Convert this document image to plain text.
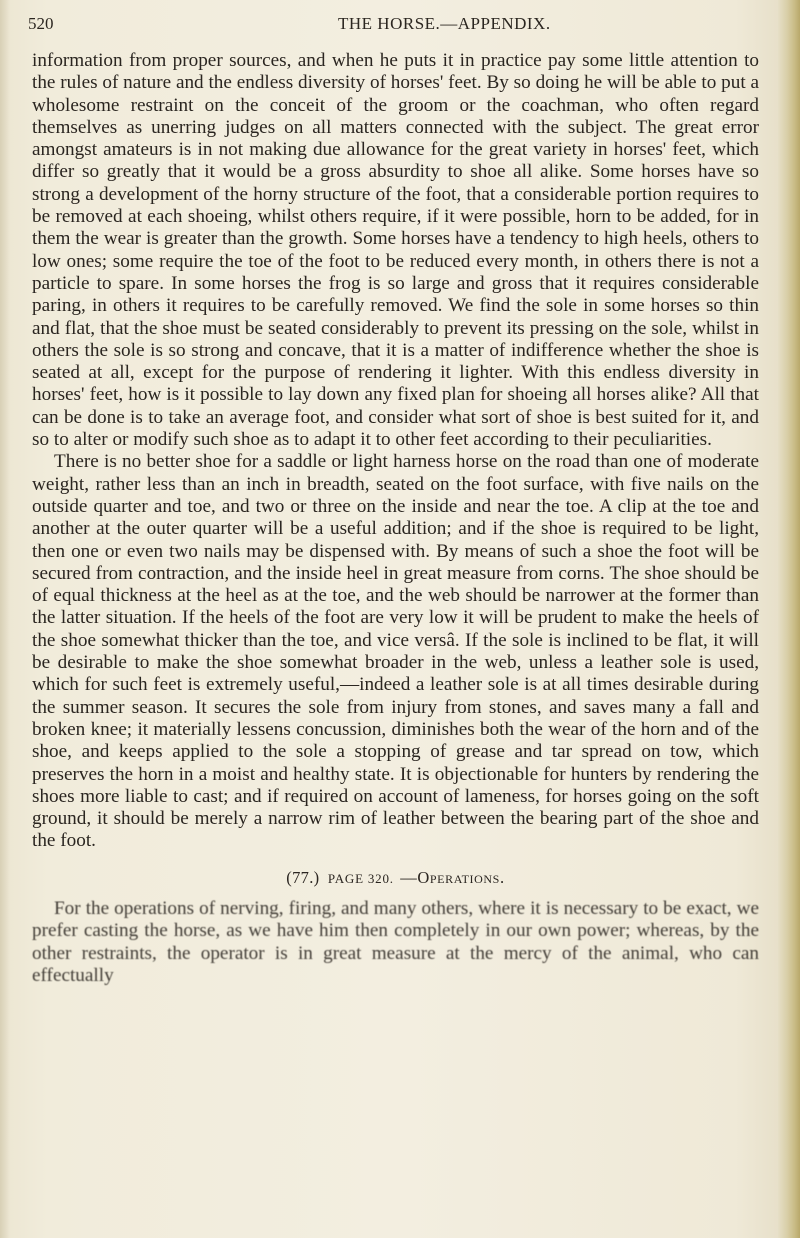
520	THE HORSE.—APPENDIX.

information from proper sources, and when he puts it in practice pay some little attention to the rules of nature and the endless diversity of horses' feet. By so doing he will be able to put a wholesome restraint on the conceit of the groom or the coachman, who often regard themselves as unerring judges on all matters connected with the subject. The great error amongst amateurs is in not making due allowance for the great variety in horses' feet, which differ so greatly that it would be a gross absurdity to shoe all alike. Some horses have so strong a development of the horny structure of the foot, that a considerable portion requires to be removed at each shoeing, whilst others require, if it were possible, horn to be added, for in them the wear is greater than the growth. Some horses have a tendency to high heels, others to low ones; some require the toe of the foot to be reduced every month, in others there is not a particle to spare. In some horses the frog is so large and gross that it requires considerable paring, in others it requires to be carefully removed. We find the sole in some horses so thin and flat, that the shoe must be seated considerably to prevent its pressing on the sole, whilst in others the sole is so strong and concave, that it is a matter of indifference whether the shoe is seated at all, except for the purpose of rendering it lighter. With this endless diversity in horses' feet, how is it possible to lay down any fixed plan for shoeing all horses alike? All that can be done is to take an average foot, and consider what sort of shoe is best suited for it, and so to alter or modify such shoe as to adapt it to other feet according to their peculiarities.

There is no better shoe for a saddle or light harness horse on the road than one of moderate weight, rather less than an inch in breadth, seated on the foot surface, with five nails on the outside quarter and toe, and two or three on the inside and near the toe. A clip at the toe and another at the outer quarter will be a useful addition; and if the shoe is required to be light, then one or even two nails may be dispensed with. By means of such a shoe the foot will be secured from contraction, and the inside heel in great measure from corns. The shoe should be of equal thickness at the heel as at the toe, and the web should be narrower at the former than the latter situation. If the heels of the foot are very low it will be prudent to make the heels of the shoe somewhat thicker than the toe, and vice versâ. If the sole is inclined to be flat, it will be desirable to make the shoe somewhat broader in the web, unless a leather sole is used, which for such feet is extremely useful,—indeed a leather sole is at all times desirable during the summer season. It secures the sole from injury from stones, and saves many a fall and broken knee; it materially lessens concussion, diminishes both the wear of the horn and of the shoe, and keeps applied to the sole a stopping of grease and tar spread on tow, which preserves the horn in a moist and healthy state. It is objectionable for hunters by rendering the shoes more liable to cast; and if required on account of lameness, for horses going on the soft ground, it should be merely a narrow rim of leather between the bearing part of the shoe and the foot.

(77.) PAGE 320. —Operations.

For the operations of nerving, firing, and many others, where it is necessary to be exact, we prefer casting the horse, as we have him then completely in our own power; whereas, by the other restraints, the operator is in great measure at the mercy of the animal, who can effectually
